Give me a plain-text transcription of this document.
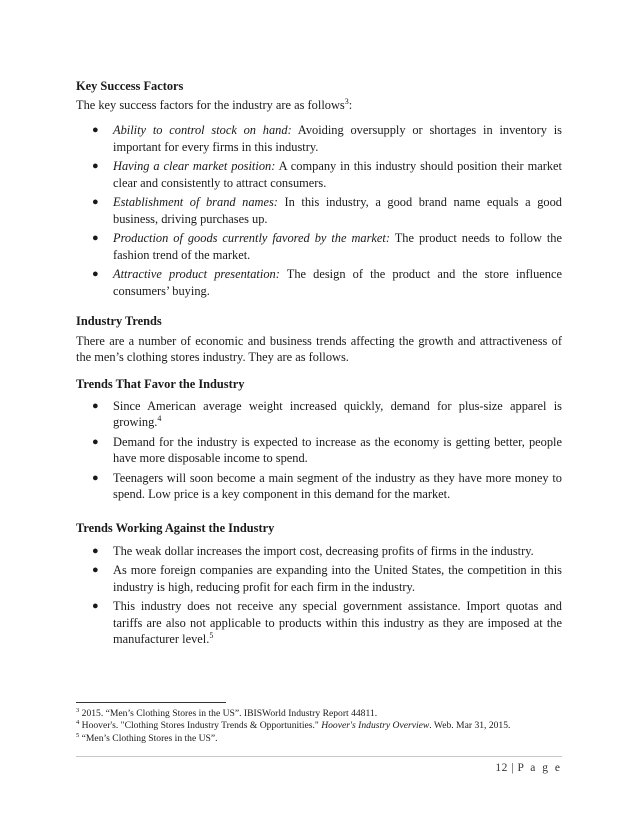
Key Success Factors

The key success factors for the industry are as follows$^3$:

● Ability to control stock on hand: Avoiding oversupply or shortages in inventory is important for every firms in this industry.
● Having a clear market position: A company in this industry should position their market clear and consistently to attract consumers.
● Establishment of brand names: In this industry, a good brand name equals a good business, driving purchases up.
● Production of goods currently favored by the market: The product needs to follow the fashion trend of the market.
● Attractive product presentation: The design of the product and the store influence consumers’ buying.
Industry Trends

There are a number of economic and business trends affecting the growth and attractiveness of the men’s clothing stores industry. They are as follows.

Trends That Favor the Industry
● Since American average weight increased quickly, demand for plus-size apparel is growing.$^4$
● Demand for the industry is expected to increase as the economy is getting better, people have more disposable income to spend.
● Teenagers will soon become a main segment of the industry as they have more money to spend. Low price is a key component in this demand for the market.
Trends Working Against the Industry
● The weak dollar increases the import cost, decreasing profits of firms in the industry.
● As more foreign companies are expanding into the United States, the competition in this industry is high, reducing profit for each firm in the industry.
● This industry does not receive any special government assistance. Import quotas and tariffs are also not applicable to products within this industry as they are imposed at the manufacturer level.$^5$
$^3$ 2015. “Men’s Clothing Stores in the US”. IBISWorld Industry Report 44811.
$^4$ Hoover's. "Clothing Stores Industry Trends & Opportunities." Hoover's Industry Overview. Web. Mar 31, 2015.
$^5$ “Men’s Clothing Stores in the US”.
12 | P a g e
